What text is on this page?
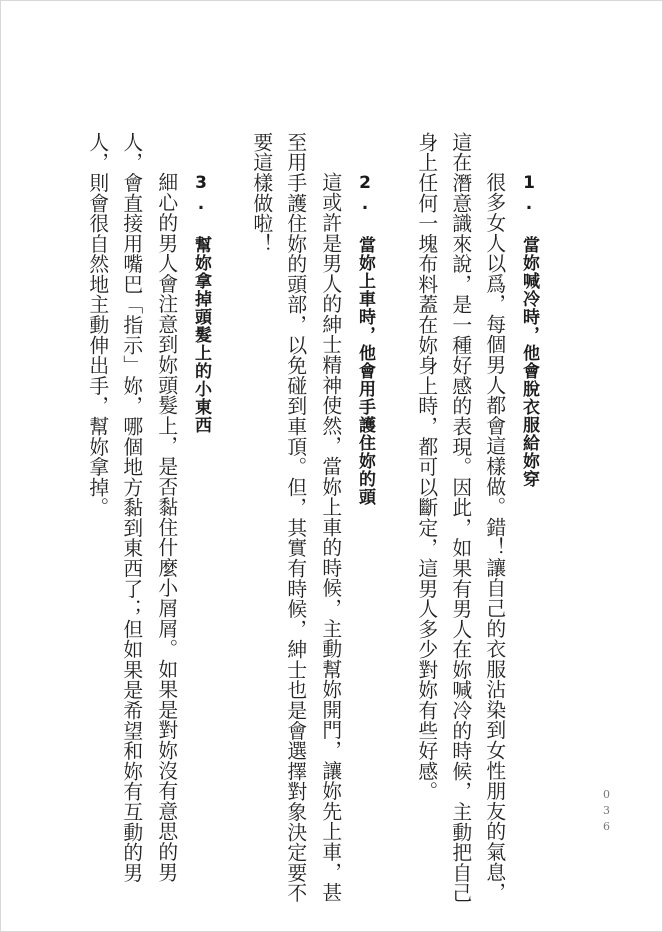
1. 當妳喊冷時，他會脫衣服給妳穿
很多女人以爲，每個男人都會這樣做。錯！讓自己的衣服沾染到女性朋友的氣息，
這在潛意識來說，是一種好感的表現。因此，如果有男人在妳喊冷的時候，主動把自己
身上任何一塊布料蓋在妳身上時，都可以斷定，這男人多少對妳有些好感。
2. 當妳上車時，他會用手護住妳的頭
這或許是男人的紳士精神使然，當妳上車的時候，主動幫妳開門，讓妳先上車，甚
至用手護住妳的頭部，以免碰到車頂。但，其實有時候，紳士也是會選擇對象決定要不
要這樣做啦！
3. 幫妳拿掉頭髮上的小東西
細心的男人會注意到妳頭髮上，是否黏住什麼小屑屑。如果是對妳沒有意思的男
人，會直接用嘴巴「指示」妳，哪個地方黏到東西了；但如果是希望和妳有互動的男
人，則會很自然地主動伸出手，幫妳拿掉。
036
